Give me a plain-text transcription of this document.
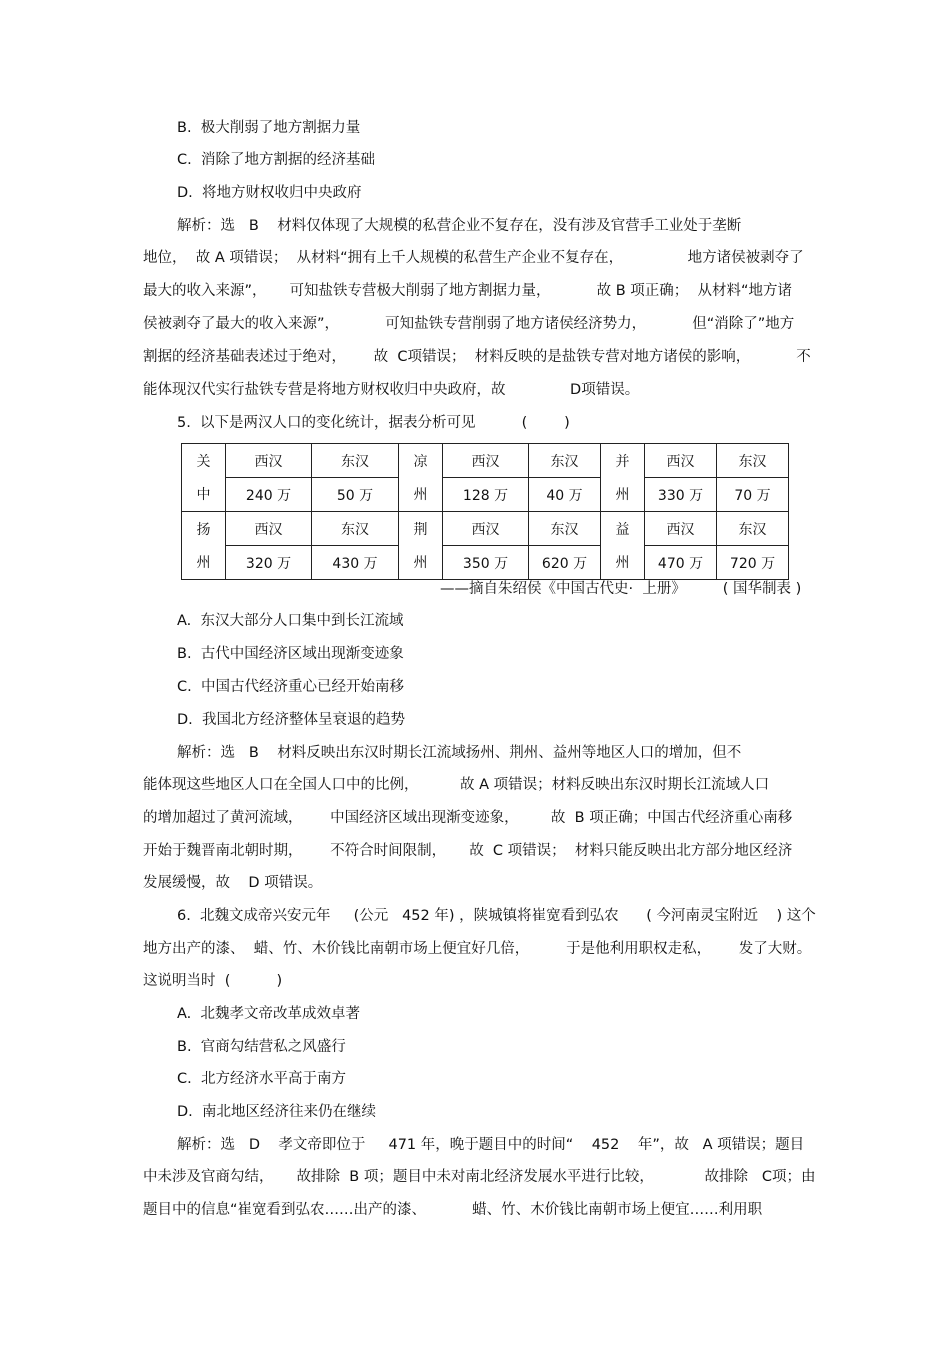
B.  极大削弱了地方割据力量
C.  消除了地方割据的经济基础
D.  将地方财权收归中央政府
解析：选   B    材料仅体现了大规模的私营企业不复存在，没有涉及官营手工业处于垄断
地位，  故 A 项错误；  从材料“拥有上千人规模的私营生产企业不复存在，              地方诸侯被剥夺了
最大的收入来源”，     可知盐铁专营极大削弱了地方割据力量，          故 B 项正确；  从材料“地方诸
侯被剥夺了最大的收入来源”，          可知盐铁专营削弱了地方诸侯经济势力，          但“消除了”地方
割据的经济基础表述过于绝对，      故  C项错误；  材料反映的是盐铁专营对地方诸侯的影响，          不
能体现汉代实行盐铁专营是将地方财权收归中央政府，故              D项错误。
5.  以下是两汉人口的变化统计，据表分析可见          (        )
关	西汉	东汉	凉	西汉	东汉	并	西汉	东汉
中	240 万	50 万	州	128 万	40 万	州	330 万	70 万
扬	西汉	东汉	荆	西汉	东汉	益	西汉	东汉
州	320 万	430 万	州	350 万	620 万	州	470 万	720 万
——摘自朱绍侯《中国古代史·  上册》        ( 国华制表 )
A.  东汉大部分人口集中到长江流域
B.  古代中国经济区域出现渐变迹象
C.  中国古代经济重心已经开始南移
D.  我国北方经济整体呈衰退的趋势
解析：选   B    材料反映出东汉时期长江流域扬州、荆州、益州等地区人口的增加，但不
能体现这些地区人口在全国人口中的比例，         故 A 项错误；材料反映出东汉时期长江流域人口
的增加超过了黄河流域，      中国经济区域出现渐变迹象，       故  B 项正确；中国古代经济重心南移
开始于魏晋南北朝时期，      不符合时间限制，     故  C 项错误；  材料只能反映出北方部分地区经济
发展缓慢，故    D 项错误。
6.  北魏文成帝兴安元年     (公元   452 年) ，陕城镇将崔宽看到弘农      ( 今河南灵宝附近    ) 这个
地方出产的漆、  蜡、竹、木价钱比南朝市场上便宜好几倍，        于是他利用职权走私，      发了大财。
这说明当时  (          )
A.  北魏孝文帝改革成效卓著
B.  官商勾结营私之风盛行
C.  北方经济水平高于南方
D.  南北地区经济往来仍在继续
解析：选   D    孝文帝即位于     471 年，晚于题目中的时间“    452    年”，故   A 项错误；题目
中未涉及官商勾结，     故排除  B 项；题目中未对南北经济发展水平进行比较，           故排除   C项；由
题目中的信息“崔宽看到弘农……出产的漆、          蜡、竹、木价钱比南朝市场上便宜……利用职
